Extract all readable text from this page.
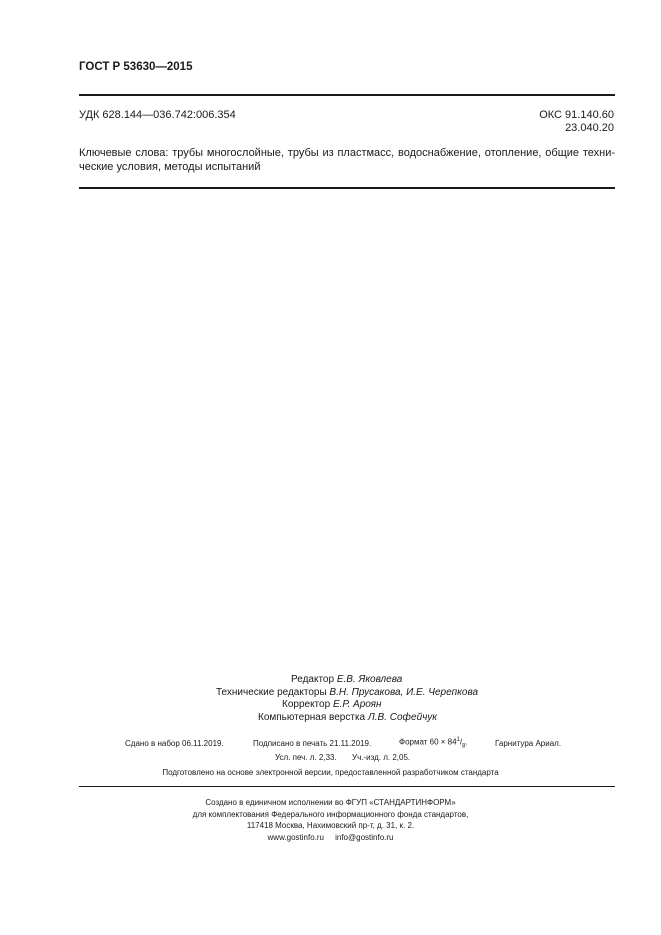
ГОСТ Р 53630—2015
УДК 628.144—036.742:006.354	ОКС 91.140.60
23.040.20
Ключевые слова: трубы многослойные, трубы из пластмасс, водоснабжение, отопление, общие техни- ческие условия, методы испытаний
Редактор Е.В. Яковлева
Технические редакторы В.Н. Прусакова, И.Е. Черепкова
Корректор Е.Р. Ароян
Компьютерная верстка Л.В. Софейчук
Сдано в набор 06.11.2019.	Подписано в печать 21.11.2019.	Формат $60 \times 84^1/_8$.	Гарнитура Ариал.
Усл. печ. л. 2,33. Уч.-изд. л. 2,05.
Подготовлено на основе электронной версии, предоставленной разработчиком стандарта
Создано в единичном исполнении во ФГУП «СТАНДАРТИНФОРМ»
для комплектования Федерального информационного фонда стандартов,
117418 Москва, Нахимовский пр-т, д. 31, к. 2.
www.gostinfo.ru info@gostinfo.ru
